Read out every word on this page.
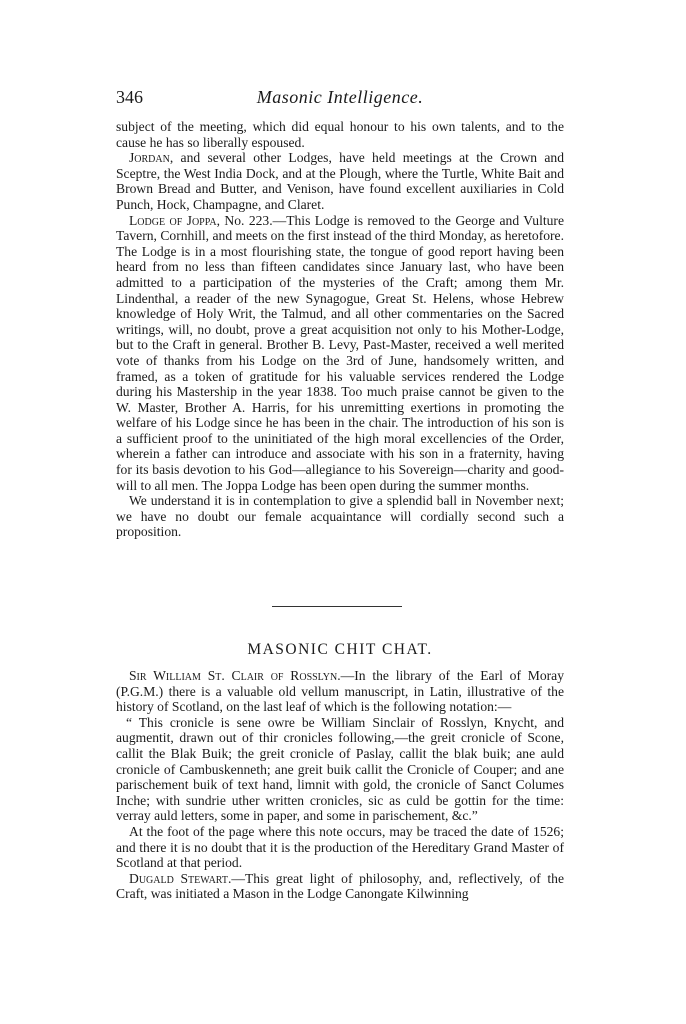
346	Masonic Intelligence.

subject of the meeting, which did equal honour to his own talents, and to the cause he has so liberally espoused.

Jordan, and several other Lodges, have held meetings at the Crown and Sceptre, the West India Dock, and at the Plough, where the Turtle, White Bait and Brown Bread and Butter, and Venison, have found excellent auxiliaries in Cold Punch, Hock, Champagne, and Claret.

Lodge of Joppa, No. 223.—This Lodge is removed to the George and Vulture Tavern, Cornhill, and meets on the first instead of the third Monday, as heretofore. The Lodge is in a most flourishing state, the tongue of good report having been heard from no less than fifteen candidates since January last, who have been admitted to a participation of the mysteries of the Craft; among them Mr. Lindenthal, a reader of the new Synagogue, Great St. Helens, whose Hebrew knowledge of Holy Writ, the Talmud, and all other commentaries on the Sacred writings, will, no doubt, prove a great acquisition not only to his Mother-Lodge, but to the Craft in general. Brother B. Levy, Past-Master, received a well merited vote of thanks from his Lodge on the 3rd of June, handsomely written, and framed, as a token of gratitude for his valuable services rendered the Lodge during his Mastership in the year 1838. Too much praise cannot be given to the W. Master, Brother A. Harris, for his unremitting exertions in promoting the welfare of his Lodge since he has been in the chair. The introduction of his son is a sufficient proof to the uninitiated of the high moral excellencies of the Order, wherein a father can introduce and associate with his son in a fraternity, having for its basis devotion to his God—allegiance to his Sovereign—charity and good-will to all men. The Joppa Lodge has been open during the summer months.

We understand it is in contemplation to give a splendid ball in November next; we have no doubt our female acquaintance will cordially second such a proposition.

MASONIC CHIT CHAT.

Sir William St. Clair of Rosslyn.—In the library of the Earl of Moray (P.G.M.) there is a valuable old vellum manuscript, in Latin, illustrative of the history of Scotland, on the last leaf of which is the following notation:—

“ This cronicle is sene owre be William Sinclair of Rosslyn, Knycht, and augmentit, drawn out of thir cronicles following,—the greit cronicle of Scone, callit the Blak Buik; the greit cronicle of Paslay, callit the blak buik; ane auld cronicle of Cambuskenneth; ane greit buik callit the Cronicle of Couper; and ane parischement buik of text hand, limnit with gold, the cronicle of Sanct Columes Inche; with sundrie uther written cronicles, sic as culd be gottin for the time: verray auld letters, some in paper, and some in parischement, &c.”

At the foot of the page where this note occurs, may be traced the date of 1526; and there it is no doubt that it is the production of the Hereditary Grand Master of Scotland at that period.

Dugald Stewart.—This great light of philosophy, and, reflectively, of the Craft, was initiated a Mason in the Lodge Canongate Kilwinning
